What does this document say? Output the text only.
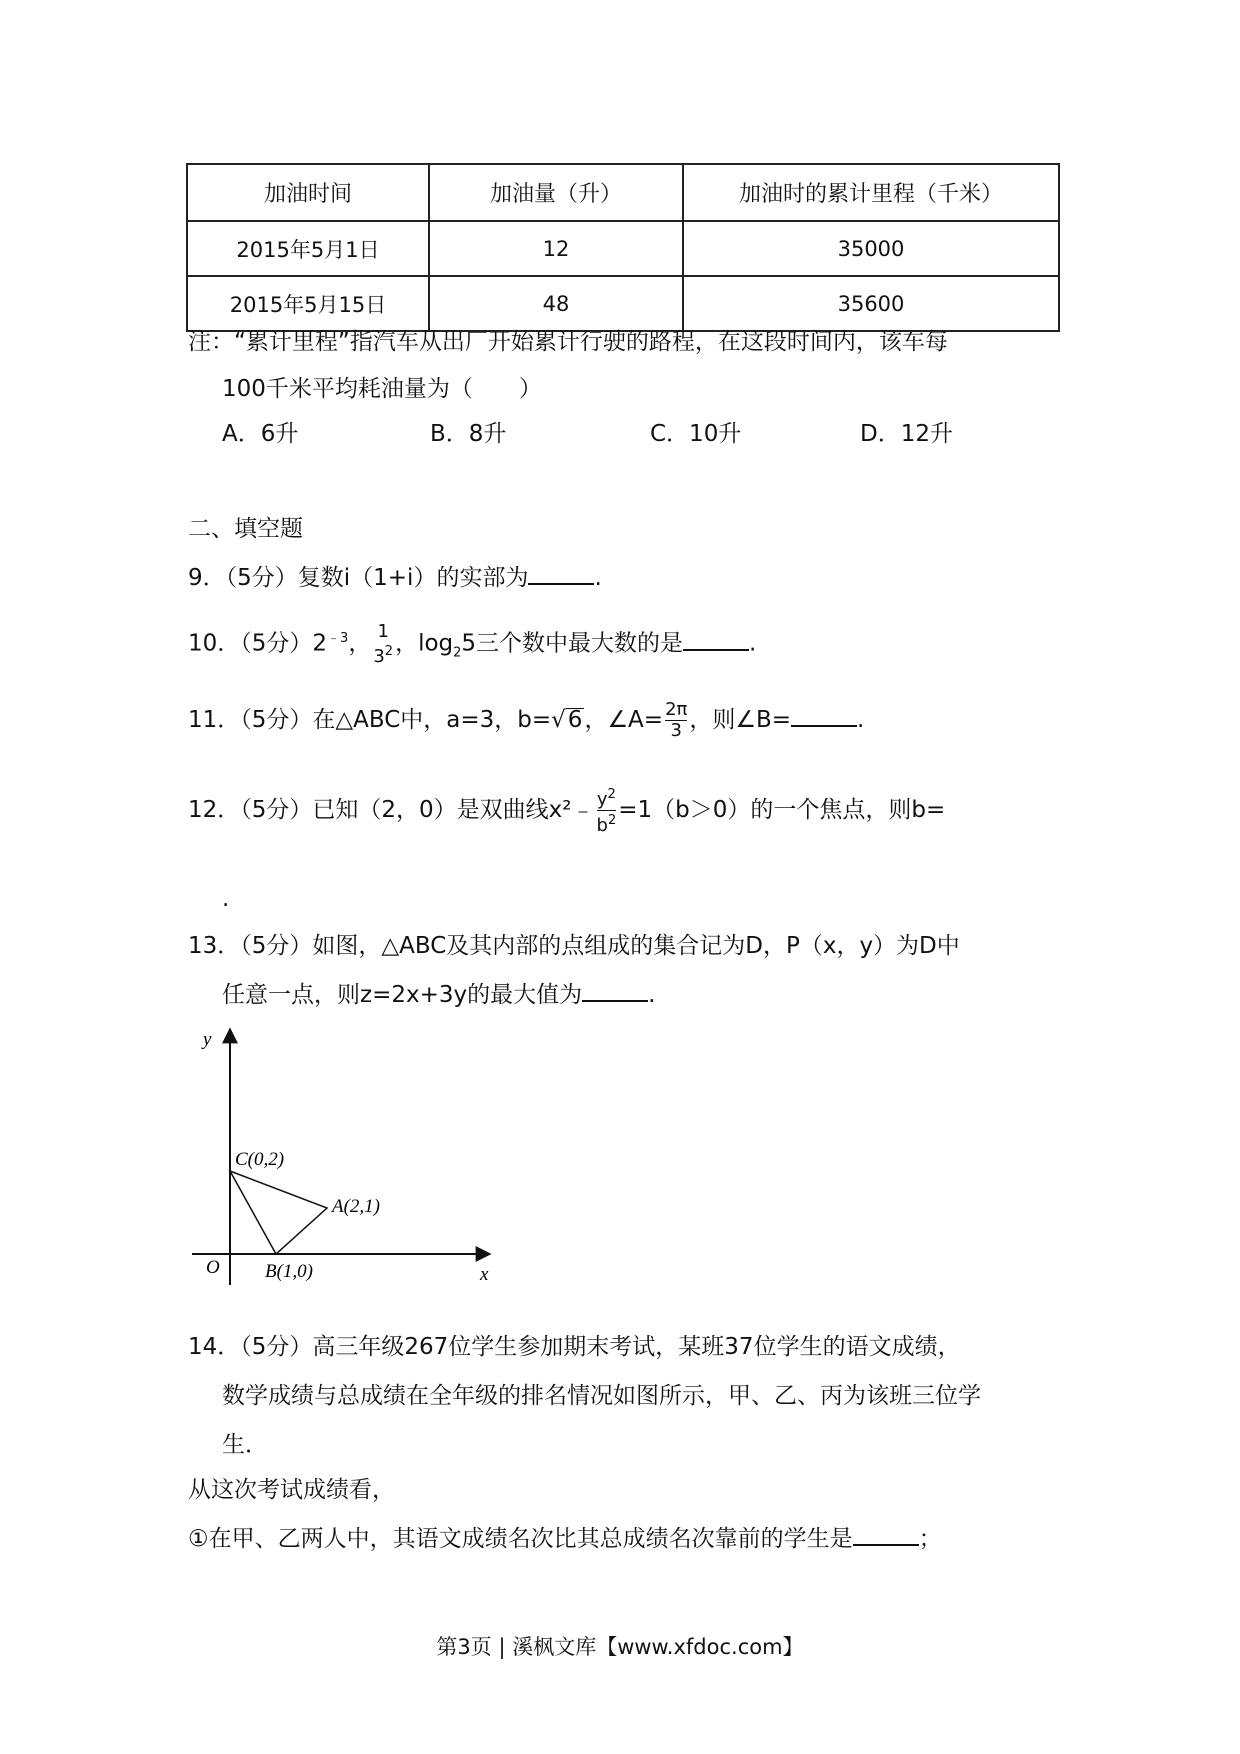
加油时间	加油量（升）	加油时的累计里程（千米）
2015年5月1日	12	35000
2015年5月15日	48	35600
注：“累计里程”指汽车从出厂开始累计行驶的路程，在这段时间内，该车每
100千米平均耗油量为（　　）
A．6升	B．8升	C．10升	D．12升
二、填空题
9．（5分）复数i（1+i）的实部为	.
10．（5分）$2^{﹣3}$， 1
$3^2$ ，$\log_25$三个数中最大数的是	.
11．（5分）在△ABC中，a=3，b=√6，∠A= $\frac{2\pi}{3}$ ，则∠B=	.
12．（5分）已知（2，0）是双曲线x²﹣ $\frac{y^2}{b^2} =1(b>0)$的一个焦点，则b=
.
13．（5分）如图，△ABC及其内部的点组成的集合记为D，P（x，y）为D中
任意一点，则z=2x+3y的最大值为	.
y
x
O
C(0,2)
A(2,1)
B(1,0)
14．（5分）高三年级267位学生参加期末考试，某班37位学生的语文成绩，
数学成绩与总成绩在全年级的排名情况如图所示，甲、乙、丙为该班三位学
生．
从这次考试成绩看，
①在甲、乙两人中，其语文成绩名次比其总成绩名次靠前的学生是	；
第3页 | 溪枫文库【www.xfdoc.com】
